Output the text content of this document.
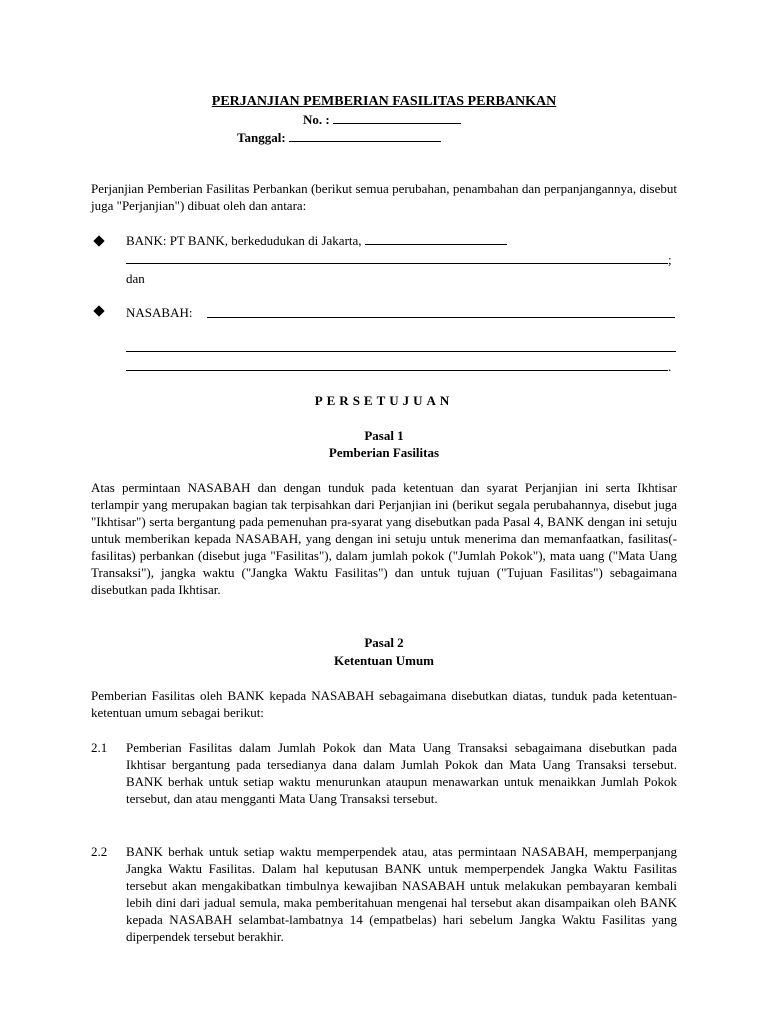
PERJANJIAN PEMBERIAN FASILITAS PERBANKAN
No. :
Tanggal:
Perjanjian Pemberian Fasilitas Perbankan (berikut semua perubahan, penambahan dan perpanjangannya, disebut juga "Perjanjian") dibuat oleh dan antara:
BANK: PT BANK, berkedudukan di Jakarta,
;
dan
NASABAH:
.
PERSETUJUAN
Pasal 1
Pemberian Fasilitas
Atas permintaan NASABAH dan dengan tunduk pada ketentuan dan syarat Perjanjian ini serta Ikhtisar terlampir yang merupakan bagian tak terpisahkan dari Perjanjian ini (berikut segala perubahannya, disebut juga "Ikhtisar") serta bergantung pada pemenuhan pra-syarat yang disebutkan pada Pasal 4, BANK dengan ini setuju untuk memberikan kepada NASABAH, yang dengan ini setuju untuk menerima dan memanfaatkan, fasilitas(-fasilitas) perbankan (disebut juga "Fasilitas"), dalam jumlah pokok ("Jumlah Pokok"), mata uang ("Mata Uang Transaksi"), jangka waktu ("Jangka Waktu Fasilitas") dan untuk tujuan ("Tujuan Fasilitas") sebagaimana disebutkan pada Ikhtisar.
Pasal 2
Ketentuan Umum
Pemberian Fasilitas oleh BANK kepada NASABAH sebagaimana disebutkan diatas, tunduk pada ketentuan-ketentuan umum sebagai berikut:
2.1 Pemberian Fasilitas dalam Jumlah Pokok dan Mata Uang Transaksi sebagaimana disebutkan pada Ikhtisar bergantung pada tersedianya dana dalam Jumlah Pokok dan Mata Uang Transaksi tersebut. BANK berhak untuk setiap waktu menurunkan ataupun menawarkan untuk menaikkan Jumlah Pokok tersebut, dan atau mengganti Mata Uang Transaksi tersebut.
2.2 BANK berhak untuk setiap waktu memperpendek atau, atas permintaan NASABAH, memperpanjang Jangka Waktu Fasilitas. Dalam hal keputusan BANK untuk memperpendek Jangka Waktu Fasilitas tersebut akan mengakibatkan timbulnya kewajiban NASABAH untuk melakukan pembayaran kembali lebih dini dari jadual semula, maka pemberitahuan mengenai hal tersebut akan disampaikan oleh BANK kepada NASABAH selambat-lambatnya 14 (empatbelas) hari sebelum Jangka Waktu Fasilitas yang diperpendek tersebut berakhir.
